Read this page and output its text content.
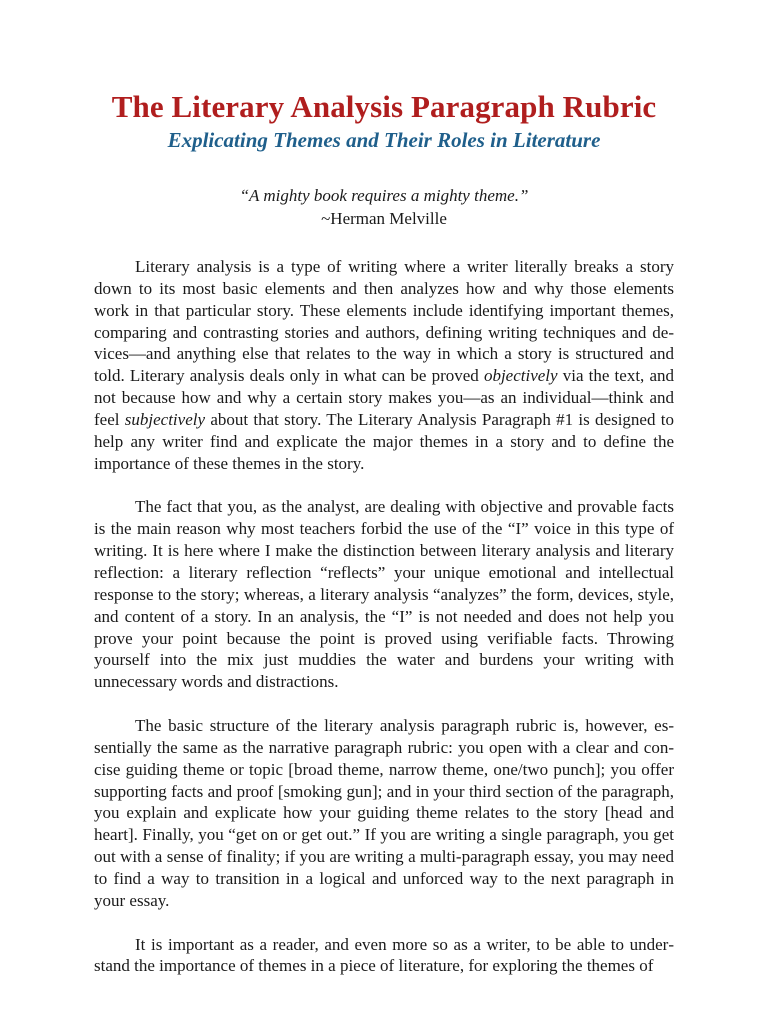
The Literary Analysis Paragraph Rubric
Explicating Themes and Their Roles in Literature
“A mighty book requires a mighty theme.”
~Herman Melville

Literary analysis is a type of writing where a writer literally breaks a story down to its most basic elements and then analyzes how and why those elements work in that particular story. These elements include identifying important themes, comparing and contrasting stories and authors, defining writing techniques and devices—and anything else that relates to the way in which a story is structured and told. Literary analysis deals only in what can be proved objectively via the text, and not because how and why a certain story makes you—as an individual—think and feel subjectively about that story. The Literary Analysis Paragraph #1 is designed to help any writer find and explicate the major themes in a story and to define the importance of these themes in the story.

The fact that you, as the analyst, are dealing with objective and provable facts is the main reason why most teachers forbid the use of the “I” voice in this type of writing. It is here where I make the distinction between literary analysis and literary reflection: a literary reflection “reflects” your unique emotional and intellectual response to the story; whereas, a literary analysis “analyzes” the form, devices, style, and content of a story. In an analysis, the “I” is not needed and does not help you prove your point because the point is proved using verifiable facts. Throwing yourself into the mix just muddies the water and burdens your writing with unnecessary words and distractions.

The basic structure of the literary analysis paragraph rubric is, however, essentially the same as the narrative paragraph rubric: you open with a clear and concise guiding theme or topic [broad theme, narrow theme, one/two punch]; you offer supporting facts and proof [smoking gun]; and in your third section of the paragraph, you explain and explicate how your guiding theme relates to the story [head and heart]. Finally, you “get on or get out.” If you are writing a single paragraph, you get out with a sense of finality; if you are writing a multi-paragraph essay, you may need to find a way to transition in a logical and unforced way to the next paragraph in your essay.

It is important as a reader, and even more so as a writer, to be able to understand the importance of themes in a piece of literature, for exploring the themes of
